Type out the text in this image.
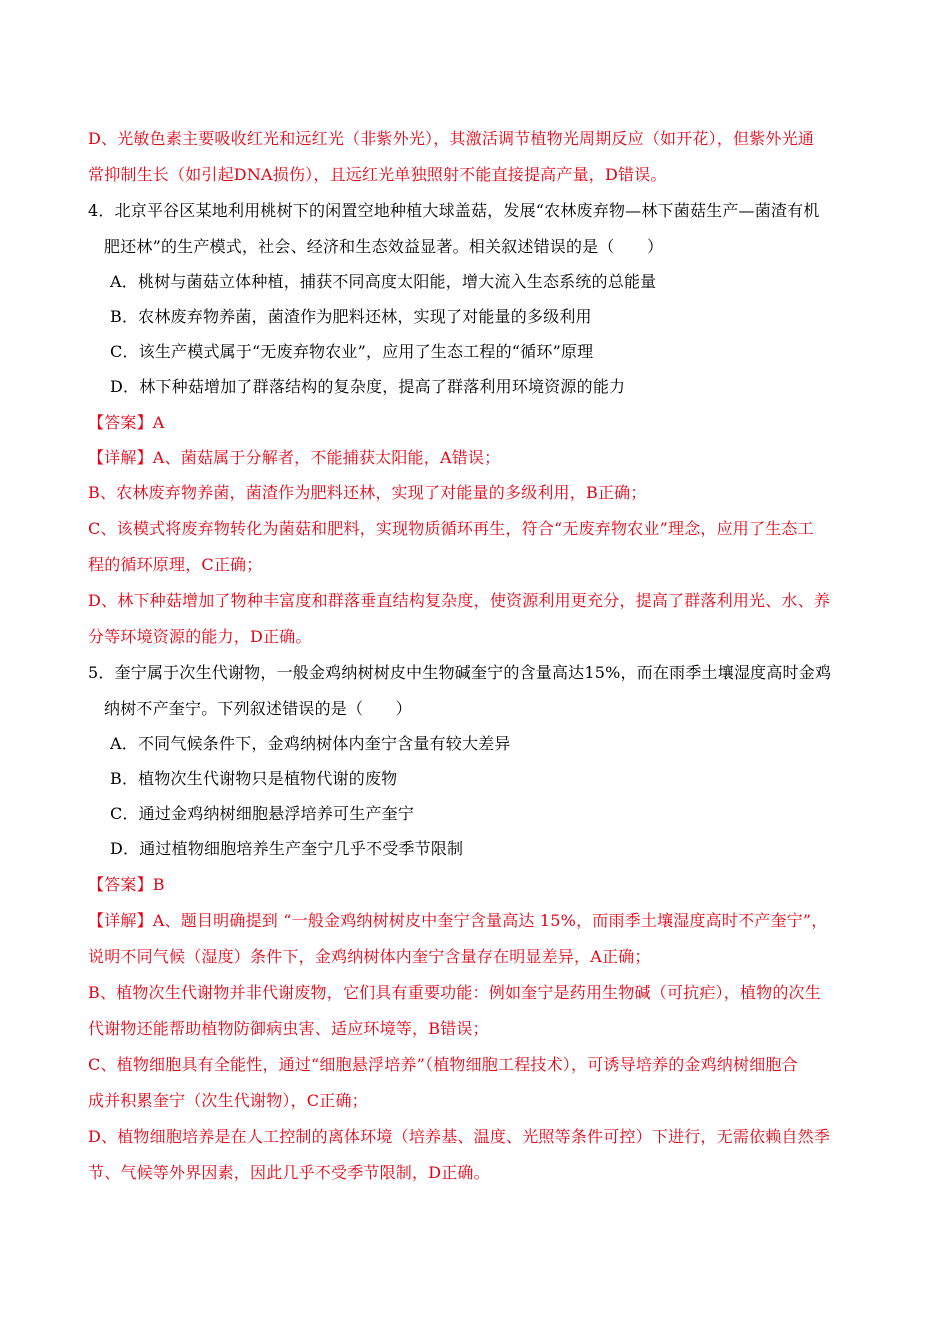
D、光敏色素主要吸收红光和远红光（非紫外光），其激活调节植物光周期反应（如开花），但紫外光通
常抑制生长（如引起DNA损伤），且远红光单独照射不能直接提高产量，D错误。
4．北京平谷区某地利用桃树下的闲置空地种植大球盖菇，发展“农林废弃物—林下菌菇生产—菌渣有机
肥还林”的生产模式，社会、经济和生态效益显著。相关叙述错误的是（　　）
A．桃树与菌菇立体种植，捕获不同高度太阳能，增大流入生态系统的总能量
B．农林废弃物养菌，菌渣作为肥料还林，实现了对能量的多级利用
C．该生产模式属于“无废弃物农业”，应用了生态工程的“循环”原理
D．林下种菇增加了群落结构的复杂度，提高了群落利用环境资源的能力
【答案】A
【详解】A、菌菇属于分解者，不能捕获太阳能，A错误；
B、农林废弃物养菌，菌渣作为肥料还林，实现了对能量的多级利用，B正确；
C、该模式将废弃物转化为菌菇和肥料，实现物质循环再生，符合“无废弃物农业”理念，应用了生态工
程的循环原理，C正确；
D、林下种菇增加了物种丰富度和群落垂直结构复杂度，使资源利用更充分，提高了群落利用光、水、养
分等环境资源的能力，D正确。
5．奎宁属于次生代谢物，一般金鸡纳树树皮中生物碱奎宁的含量高达15%，而在雨季土壤湿度高时金鸡
纳树不产奎宁。下列叙述错误的是（　　）
A．不同气候条件下，金鸡纳树体内奎宁含量有较大差异
B．植物次生代谢物只是植物代谢的废物
C．通过金鸡纳树细胞悬浮培养可生产奎宁
D．通过植物细胞培养生产奎宁几乎不受季节限制
【答案】B
【详解】A、题目明确提到 “一般金鸡纳树树皮中奎宁含量高达 15%，而雨季土壤湿度高时不产奎宁”，
说明不同气候（湿度）条件下，金鸡纳树体内奎宁含量存在明显差异，A正确；
B、植物次生代谢物并非代谢废物，它们具有重要功能：例如奎宁是药用生物碱（可抗疟），植物的次生
代谢物还能帮助植物防御病虫害、适应环境等，B错误；
C、植物细胞具有全能性，通过“细胞悬浮培养”（植物细胞工程技术），可诱导培养的金鸡纳树细胞合
成并积累奎宁（次生代谢物），C正确；
D、植物细胞培养是在人工控制的离体环境（培养基、温度、光照等条件可控）下进行，无需依赖自然季
节、气候等外界因素，因此几乎不受季节限制，D正确。
